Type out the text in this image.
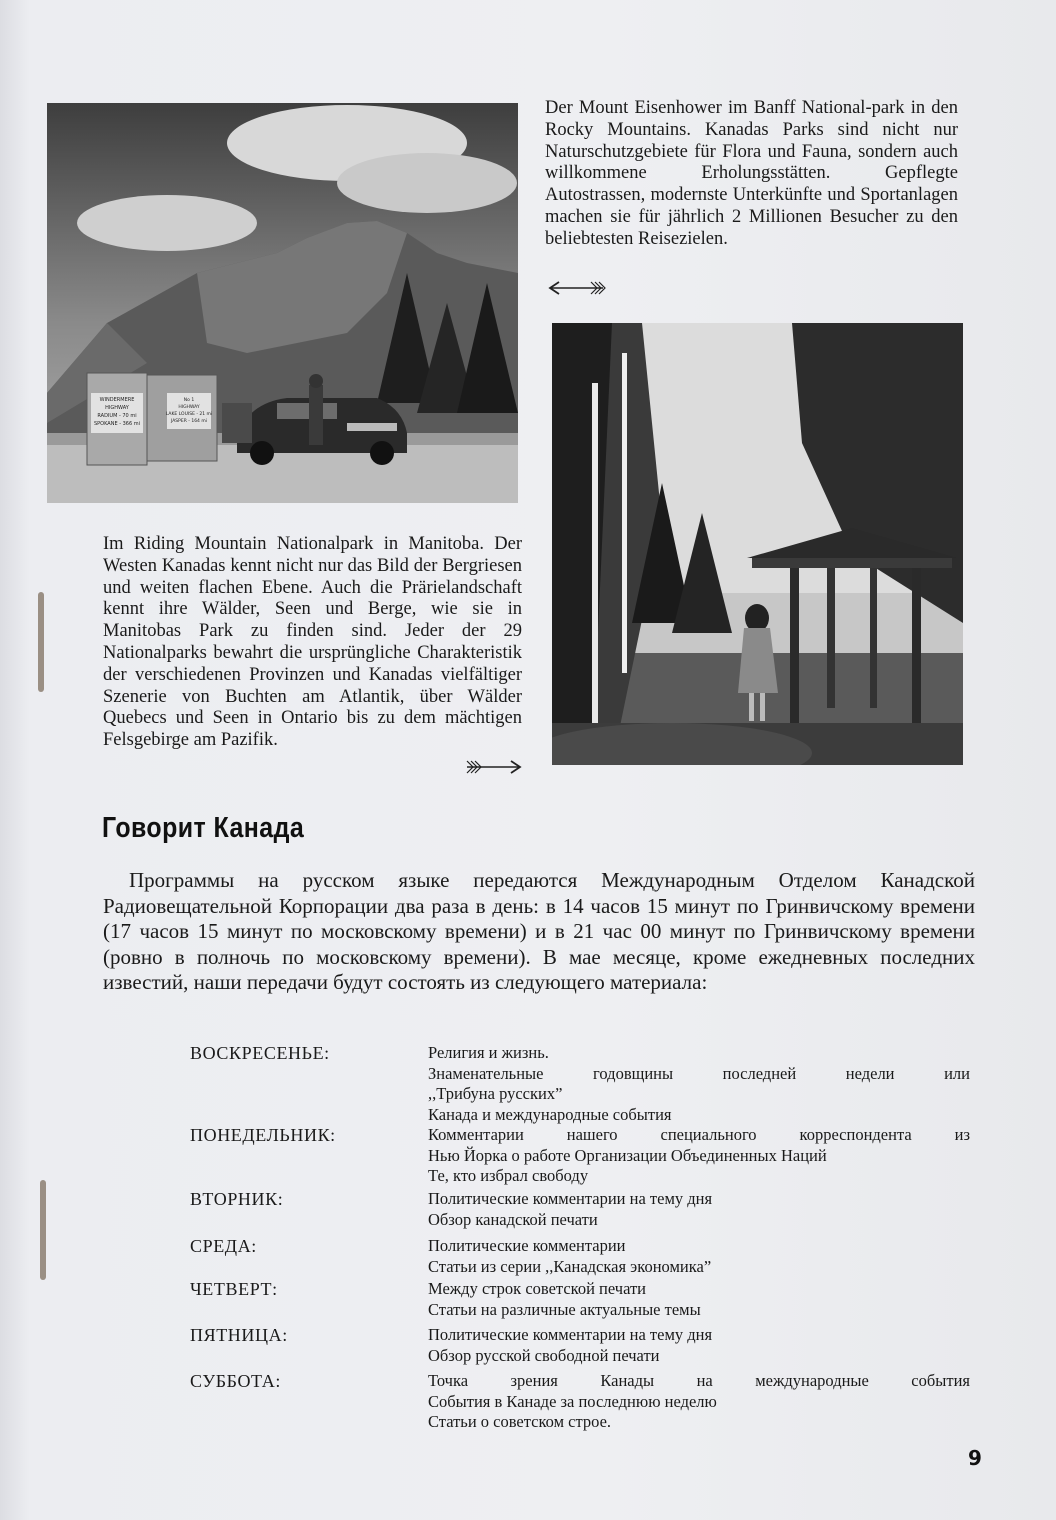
WINDERMERE
HIGHWAY
RADIUM - 70 mi
SPOKANE - 366 mi
No 1
HIGHWAY
LAKE LOUISE - 21 mi
JASPER - 164 mi
Der Mount Eisenhower im Banff National-park in den Rocky Mountains. Kanadas Parks sind nicht nur Naturschutzgebiete für Flora und Fauna, sondern auch willkommene Erholungsstätten. Gepflegte Autostrassen, modernste Unterkünfte und Sportanlagen machen sie für jährlich 2 Millionen Besucher zu den beliebtesten Reisezielen.
Im Riding Mountain Nationalpark in Manitoba. Der Westen Kanadas kennt nicht nur das Bild der Bergriesen und weiten flachen Ebene. Auch die Prärielandschaft kennt ihre Wälder, Seen und Berge, wie sie in Manitobas Park zu finden sind. Jeder der 29 Nationalparks bewahrt die ursprüngliche Charakteristik der verschiedenen Provinzen und Kanadas vielfältiger Szenerie von Buchten am Atlantik, über Wälder Quebecs und Seen in Ontario bis zu dem mächtigen Felsgebirge am Pazifik.
Говорит Канада
Программы на русском языке передаются Международным Отделом Канадской Радиовещательной Корпорации два раза в день: в 14 часов 15 минут по Гринвичскому времени (17 часов 15 минут по московскому времени) и в 21 час 00 минут по Гринвичскому времени (ровно в полночь по московскому времени). В мае месяце, кроме ежедневных последних известий, наши передачи будут состоять из следующего материала:
ВОСКРЕСЕНЬЕ:	Религия и жизнь.
Знаменательные годовщины последней недели или
,,Трибуна русских”
Канада и международные события
ПОНЕДЕЛЬНИК:	Комментарии нашего специального корреспондента из
Нью Йорка о работе Организации Объединенных Наций
Те, кто избрал свободу
ВТОРНИК:	Политические комментарии на тему дня
Обзор канадской печати
СРЕДА:	Политические комментарии
Статьи из серии ,,Канадская экономика”
ЧЕТВЕРТ:	Между строк советской печати
Статьи на различные актуальные темы
ПЯТНИЦА:	Политические комментарии на тему дня
Обзор русской свободной печати
СУББОТА:	Точка зрения Канады на международные события
События в Канаде за последнюю неделю
Статьи о советском строе.
9
